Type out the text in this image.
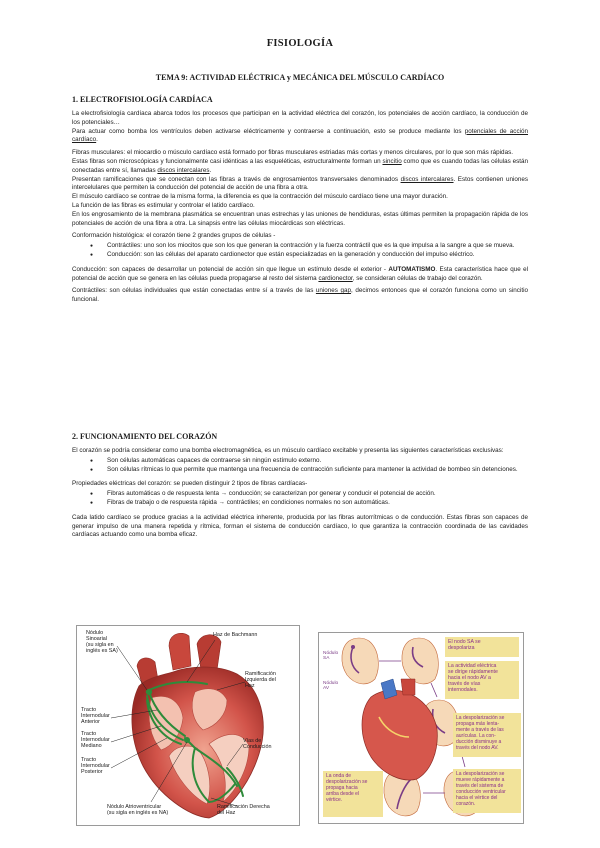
FISIOLOGÍA
TEMA 9: ACTIVIDAD ELÉCTRICA y MECÁNICA DEL MÚSCULO CARDÍACO
1. ELECTROFISIOLOGÍA CARDÍACA
La electrofisiología cardíaca abarca todos los procesos que participan en la actividad eléctrica del corazón, los potenciales de acción cardíaco, la conducción de los potenciales…
Para actuar como bomba los ventrículos deben activarse eléctricamente y contraerse a continuación, esto se produce mediante los potenciales de acción cardíaco.
Fibras musculares: el miocardio o músculo cardíaco está formado por fibras musculares estriadas más cortas y menos circulares, por lo que son más rápidas.
Estas fibras son microscópicas y funcionalmente casi idénticas a las esqueléticas, estructuralmente forman un sincitio como que es cuando todas las células están conectadas entre sí, llamadas discos intercalares.
Presentan ramificaciones que se conectan con las fibras a través de engrosamientos transversales denominados discos intercalares. Estos contienen uniones intercelulares que permiten la conducción del potencial de acción de una fibra a otra.
El músculo cardíaco se contrae de la misma forma, la diferencia es que la contracción del músculo cardíaco tiene una mayor duración.
La función de las fibras es estimular y controlar el latido cardíaco.
En los engrosamiento de la membrana plasmática se encuentran unas estrechas y las uniones de hendiduras, estas últimas permiten la propagación rápida de los potenciales de acción de una fibra a otra. La sinapsis entre las células miocárdicas son eléctricas.
Conformación histológica: el corazón tiene 2 grandes grupos de células -
● Contráctiles: uno son los miocitos que son los que generan la contracción y la fuerza contráctil que es la que impulsa a la sangre a que se mueva.
● Conducción: son las células del aparato cardionector que están especializadas en la generación y conducción del impulso eléctrico.
Conducción: son capaces de desarrollar un potencial de acción sin que llegue un estímulo desde el exterior - AUTOMATISMO. Esta característica hace que el potencial de acción que se genera en las células pueda propagarse al resto del sistema cardionector, se consideran células de trabajo del corazón.
Contráctiles: son células individuales que están conectadas entre sí a través de las uniones gap, decimos entonces que el corazón funciona como un sincitio funcional.
2. FUNCIONAMIENTO DEL CORAZÓN
El corazón se podría considerar como una bomba electromagnética, es un músculo cardíaco excitable y presenta las siguientes características exclusivas:
● Son células automáticas capaces de contraerse sin ningún estímulo externo.
● Son células rítmicas lo que permite que mantenga una frecuencia de contracción suficiente para mantener la actividad de bombeo sin detenciones.
Propiedades eléctricas del corazón: se pueden distinguir 2 tipos de fibras cardíacas-
● Fibras automáticas o de respuesta lenta → conducción; se caracterizan por generar y conducir el potencial de acción.
● Fibras de trabajo o de respuesta rápida → contráctiles; en condiciones normales no son automáticas.
Cada latido cardíaco se produce gracias a la actividad eléctrica inherente, producida por las fibras autorrítmicas o de conducción. Estas fibras son capaces de generar impulso de una manera repetida y rítmica, forman el sistema de conducción cardíaco, lo que garantiza la contracción coordinada de las cavidades cardíacas actuando como una bomba eficaz.
Nódulo
Sinoarial
(su sigla en
inglés es SA)
Haz de Bachmann
Ramificación
Izquierda del
Haz
Tracto
Internodular
Anterior
Tracto
Internodular
Mediano
Tracto
Internodular
Posterior
Vías de
Conducción
Nódulo Atrioventricular
(su sigla en inglés es NA)
Ramificación Derecha
del Haz
Nódulo
SA
Nódulo
AV
El nodo SA se
despolariza
La actividad eléctrica
se dirige rápidamente
hacia el nodo AV a
través de vías
internodales.
La despolarización se
propaga más lenta-
mente a través de las
aurículas. La con-
ducción disminuye a
través del nodo AV.
La despolarización se
mueve rápidamente a
través del sistema de
conducción ventricular
hacia el vértice del
corazón.
La onda de
despolarización se
propaga hacia
arriba desde el
vértice.
